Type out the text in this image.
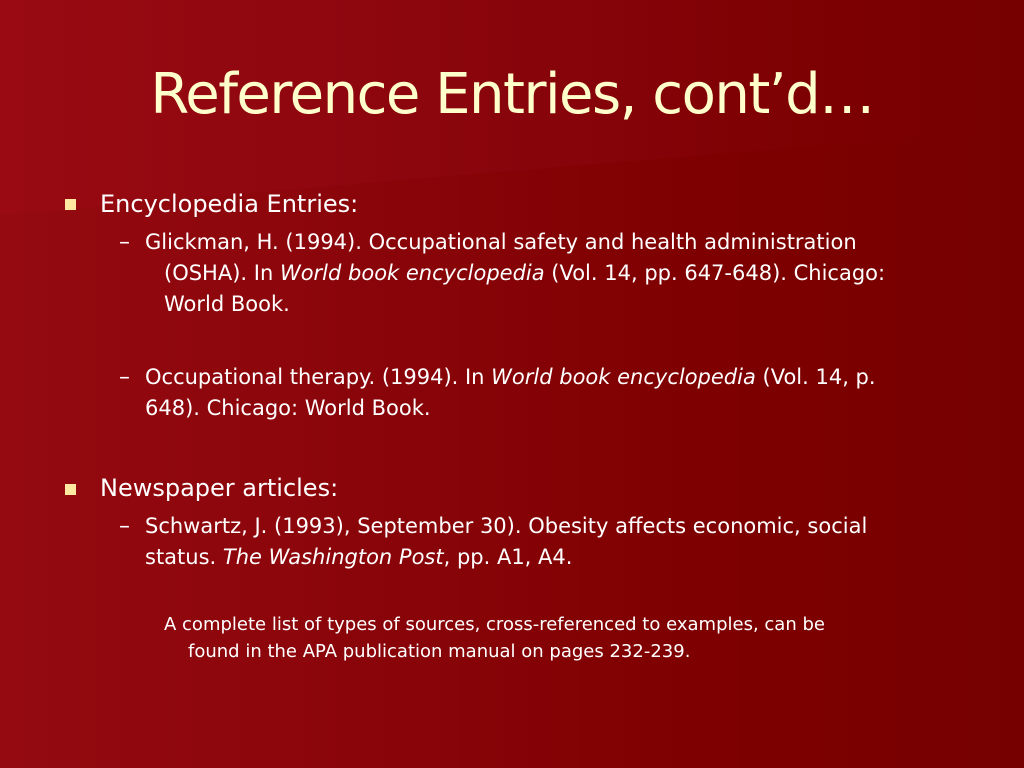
Reference Entries, cont’d…
Encyclopedia Entries:
– Glickman, H. (1994). Occupational safety and health administration
(OSHA). In World book encyclopedia (Vol. 14, pp. 647-648). Chicago:
World Book.
– Occupational therapy. (1994). In World book encyclopedia (Vol. 14, p.
648). Chicago: World Book.
Newspaper articles:
– Schwartz, J. (1993), September 30). Obesity affects economic, social
status. The Washington Post, pp. A1, A4.
A complete list of types of sources, cross-referenced to examples, can be
found in the APA publication manual on pages 232-239.
